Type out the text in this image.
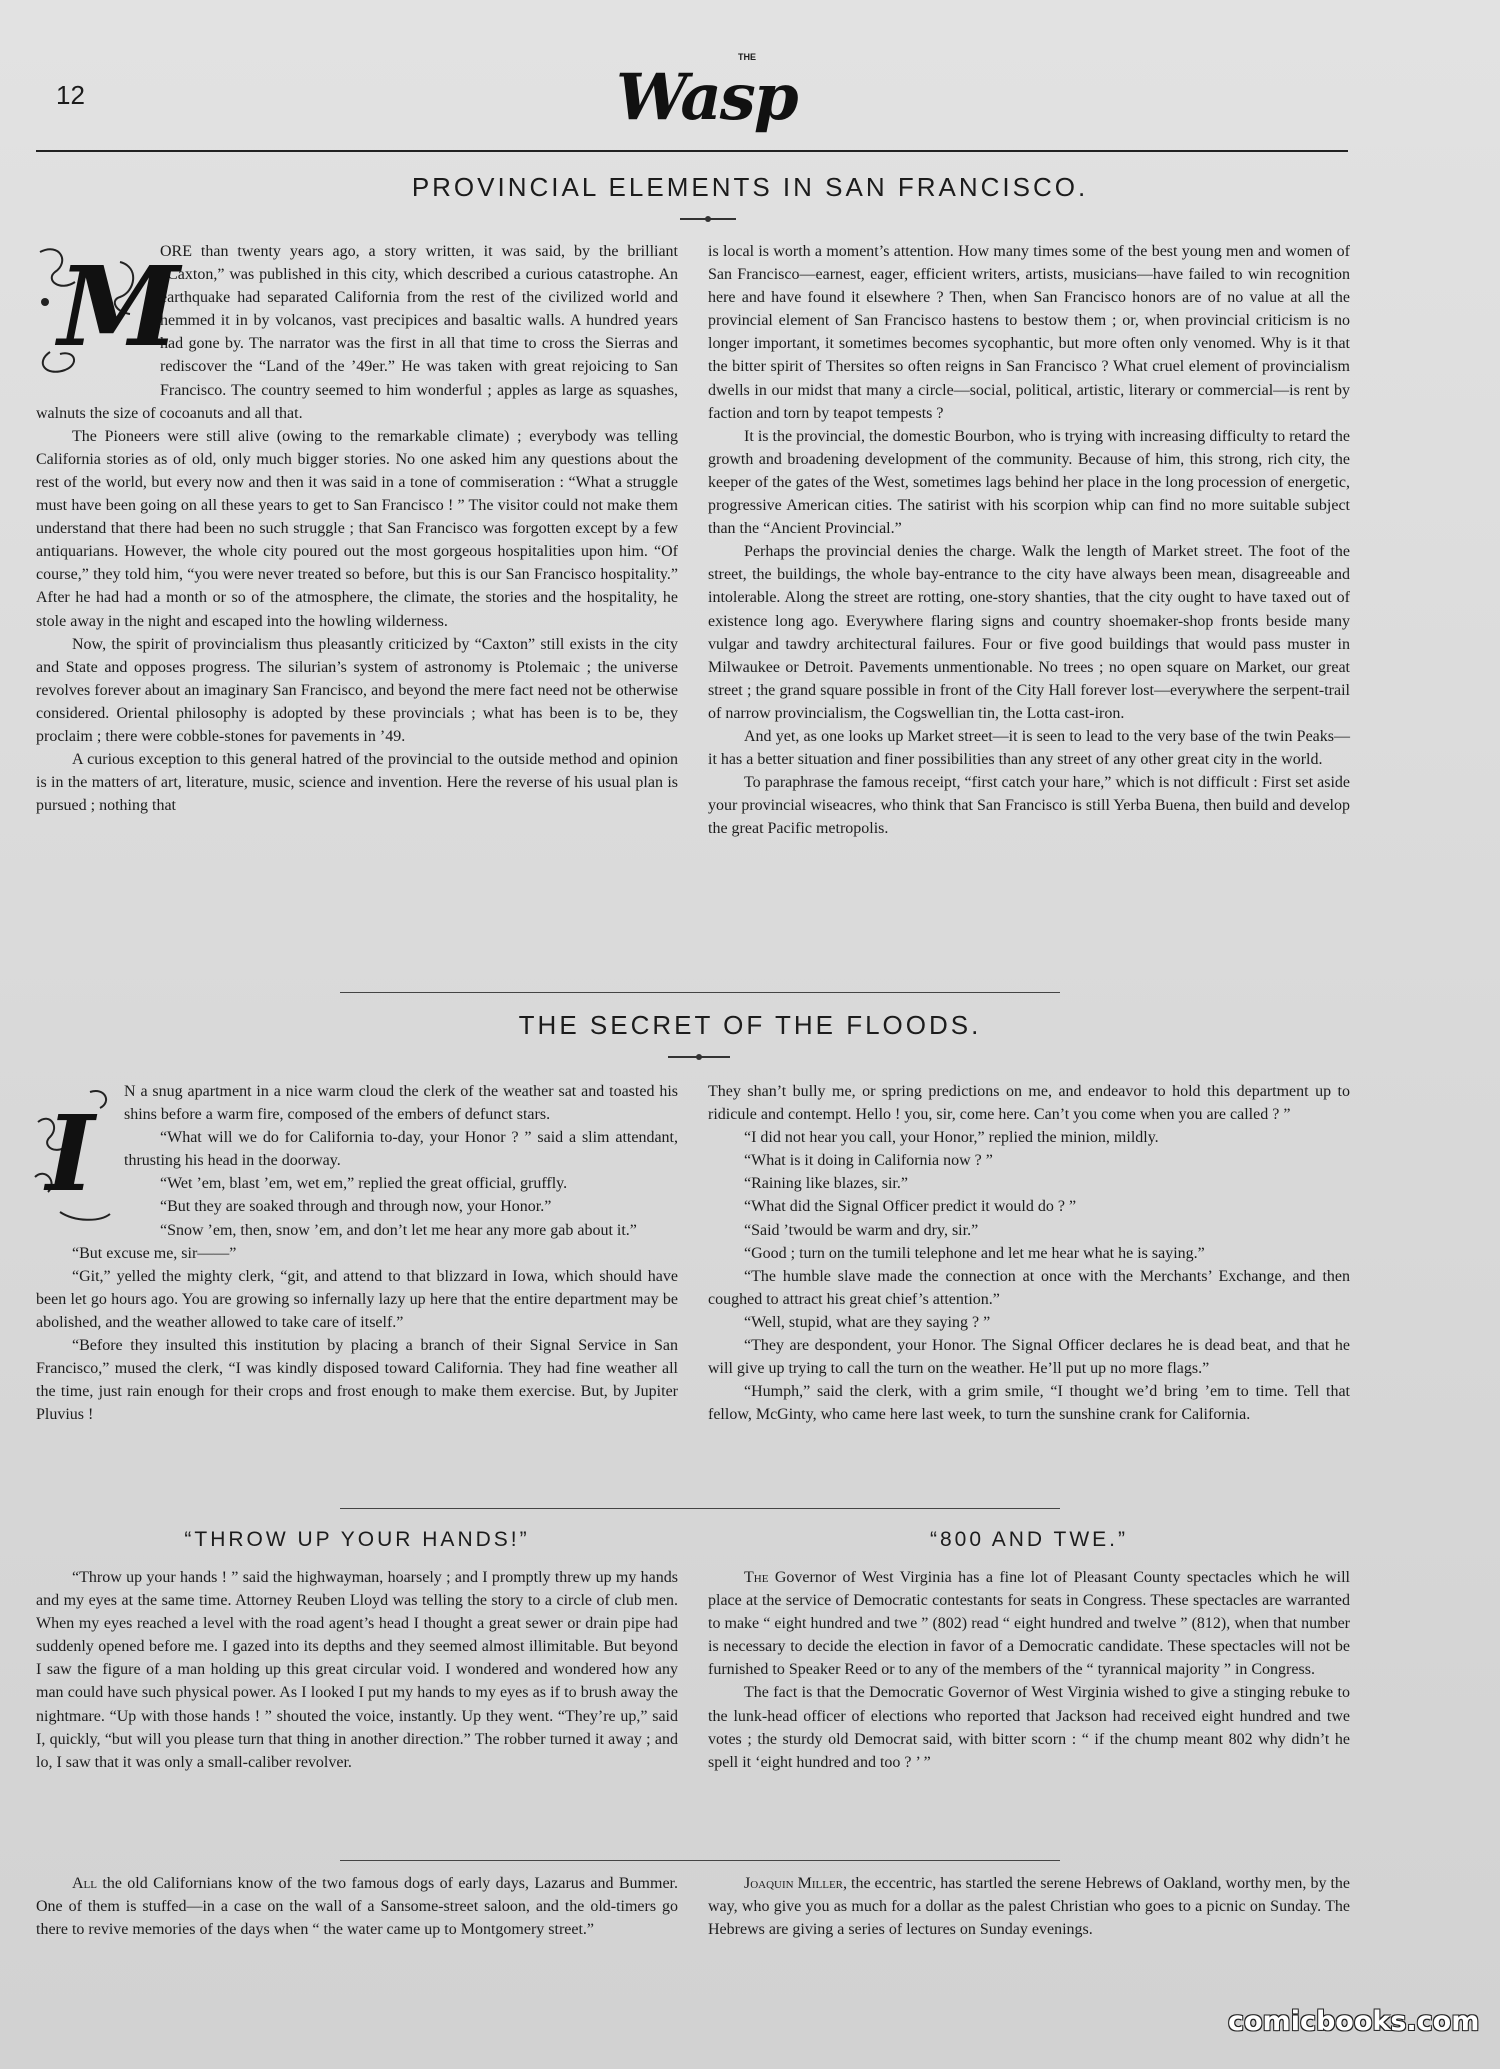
12
THE
Wasp
PROVINCIAL ELEMENTS IN SAN FRANCISCO.
M

ORE than twenty years ago, a story written, it was said, by the brilliant “Caxton,” was published in this city, which described a curious catastrophe. An earthquake had separated California from the rest of the civilized world and hemmed it in by volcanos, vast precipices and basaltic walls. A hundred years had gone by. The narrator was the first in all that time to cross the Sierras and rediscover the “Land of the ’49er.” He was taken with great rejoicing to San Francisco. The country seemed to him wonderful ; apples as large as squashes, walnuts the size of cocoanuts and all that.

The Pioneers were still alive (owing to the remarkable climate) ; everybody was telling California stories as of old, only much bigger stories. No one asked him any questions about the rest of the world, but every now and then it was said in a tone of commiseration : “What a struggle must have been going on all these years to get to San Francisco ! ” The visitor could not make them understand that there had been no such struggle ; that San Francisco was forgotten except by a few antiquarians. However, the whole city poured out the most gorgeous hospitalities upon him. “Of course,” they told him, “you were never treated so before, but this is our San Francisco hospitality.” After he had had a month or so of the atmosphere, the climate, the stories and the hospitality, he stole away in the night and escaped into the howling wilderness.

Now, the spirit of provincialism thus pleasantly criticized by “Caxton” still exists in the city and State and opposes progress. The silurian’s system of astronomy is Ptolemaic ; the universe revolves forever about an imaginary San Francisco, and beyond the mere fact need not be otherwise considered. Oriental philosophy is adopted by these provincials ; what has been is to be, they proclaim ; there were cobble-stones for pavements in ’49.

A curious exception to this general hatred of the provincial to the outside method and opinion is in the matters of art, literature, music, science and invention. Here the reverse of his usual plan is pursued ; nothing that

is local is worth a moment’s attention. How many times some of the best young men and women of San Francisco—earnest, eager, efficient writers, artists, musicians—have failed to win recognition here and have found it elsewhere ? Then, when San Francisco honors are of no value at all the provincial element of San Francisco hastens to bestow them ; or, when provincial criticism is no longer important, it sometimes becomes sycophantic, but more often only venomed. Why is it that the bitter spirit of Thersites so often reigns in San Francisco ? What cruel element of provincialism dwells in our midst that many a circle—social, political, artistic, literary or commercial—is rent by faction and torn by teapot tempests ?

It is the provincial, the domestic Bourbon, who is trying with increasing difficulty to retard the growth and broadening development of the community. Because of him, this strong, rich city, the keeper of the gates of the West, sometimes lags behind her place in the long procession of energetic, progressive American cities. The satirist with his scorpion whip can find no more suitable subject than the “Ancient Provincial.”

Perhaps the provincial denies the charge. Walk the length of Market street. The foot of the street, the buildings, the whole bay-entrance to the city have always been mean, disagreeable and intolerable. Along the street are rotting, one-story shanties, that the city ought to have taxed out of existence long ago. Everywhere flaring signs and country shoemaker-shop fronts beside many vulgar and tawdry architectural failures. Four or five good buildings that would pass muster in Milwaukee or Detroit. Pavements unmentionable. No trees ; no open square on Market, our great street ; the grand square possible in front of the City Hall forever lost—everywhere the serpent-trail of narrow provincialism, the Cogswellian tin, the Lotta cast-iron.

And yet, as one looks up Market street—it is seen to lead to the very base of the twin Peaks—it has a better situation and finer possibilities than any street of any other great city in the world.

To paraphrase the famous receipt, “first catch your hare,” which is not difficult : First set aside your provincial wiseacres, who think that San Francisco is still Yerba Buena, then build and develop the great Pacific metropolis.

THE SECRET OF THE FLOODS.
I

N a snug apartment in a nice warm cloud the clerk of the weather sat and toasted his shins before a warm fire, composed of the embers of defunct stars.

“What will we do for California to-day, your Honor ? ” said a slim attendant, thrusting his head in the doorway.

“Wet ’em, blast ’em, wet em,” replied the great official, gruffly.

“But they are soaked through and through now, your Honor.”

“Snow ’em, then, snow ’em, and don’t let me hear any more gab about it.”

“But excuse me, sir——”

“Git,” yelled the mighty clerk, “git, and attend to that blizzard in Iowa, which should have been let go hours ago. You are growing so infernally lazy up here that the entire department may be abolished, and the weather allowed to take care of itself.”

“Before they insulted this institution by placing a branch of their Signal Service in San Francisco,” mused the clerk, “I was kindly disposed toward California. They had fine weather all the time, just rain enough for their crops and frost enough to make them exercise. But, by Jupiter Pluvius !

They shan’t bully me, or spring predictions on me, and endeavor to hold this department up to ridicule and contempt. Hello ! you, sir, come here. Can’t you come when you are called ? ”

“I did not hear you call, your Honor,” replied the minion, mildly.

“What is it doing in California now ? ”

“Raining like blazes, sir.”

“What did the Signal Officer predict it would do ? ”

“Said ’twould be warm and dry, sir.”

“Good ; turn on the tumili telephone and let me hear what he is saying.”

“The humble slave made the connection at once with the Merchants’ Exchange, and then coughed to attract his great chief’s attention.”

“Well, stupid, what are they saying ? ”

“They are despondent, your Honor. The Signal Officer declares he is dead beat, and that he will give up trying to call the turn on the weather. He’ll put up no more flags.”

“Humph,” said the clerk, with a grim smile, “I thought we’d bring ’em to time. Tell that fellow, McGinty, who came here last week, to turn the sunshine crank for California.

“THROW UP YOUR HANDS!”

“Throw up your hands ! ” said the highwayman, hoarsely ; and I promptly threw up my hands and my eyes at the same time. Attorney Reuben Lloyd was telling the story to a circle of club men. When my eyes reached a level with the road agent’s head I thought a great sewer or drain pipe had suddenly opened before me. I gazed into its depths and they seemed almost illimitable. But beyond I saw the figure of a man holding up this great circular void. I wondered and wondered how any man could have such physical power. As I looked I put my hands to my eyes as if to brush away the nightmare. “Up with those hands ! ” shouted the voice, instantly. Up they went. “They’re up,” said I, quickly, “but will you please turn that thing in another direction.” The robber turned it away ; and lo, I saw that it was only a small-caliber revolver.

“800 AND TWE.”

The Governor of West Virginia has a fine lot of Pleasant County spectacles which he will place at the service of Democratic contestants for seats in Congress. These spectacles are warranted to make “ eight hundred and twe ” (802) read “ eight hundred and twelve ” (812), when that number is necessary to decide the election in favor of a Democratic candidate. These spectacles will not be furnished to Speaker Reed or to any of the members of the “ tyrannical majority ” in Congress.

The fact is that the Democratic Governor of West Virginia wished to give a stinging rebuke to the lunk-head officer of elections who reported that Jackson had received eight hundred and twe votes ; the sturdy old Democrat said, with bitter scorn : “ if the chump meant 802 why didn’t he spell it ‘eight hundred and too ? ’ ”

All the old Californians know of the two famous dogs of early days, Lazarus and Bummer. One of them is stuffed—in a case on the wall of a Sansome-street saloon, and the old-timers go there to revive memories of the days when “ the water came up to Montgomery street.”

Joaquin Miller, the eccentric, has startled the serene Hebrews of Oakland, worthy men, by the way, who give you as much for a dollar as the palest Christian who goes to a picnic on Sunday. The Hebrews are giving a series of lectures on Sunday evenings.

comicbooks.com
